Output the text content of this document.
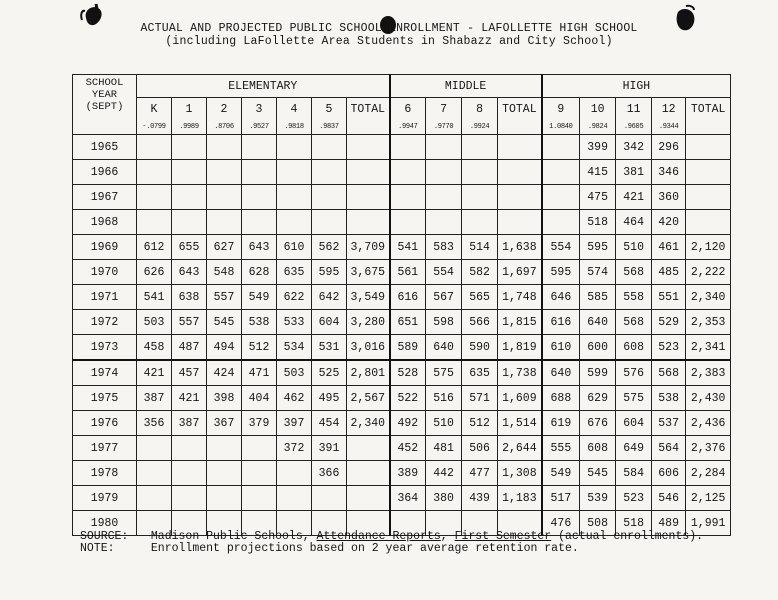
ACTUAL AND PROJECTED PUBLIC SCHOOL ENROLLMENT - LAFOLLETTE HIGH SCHOOL
(including LaFollette Area Students in Shabazz and City School)
SCHOOL
YEAR
(SEPT)	ELEMENTARY							MIDDLE				HIGH				
	K	1	2	3	4	5	TOTAL	6	7	8	TOTAL	9	10	11	12	TOTAL
	-.0799	.9989	.8706	.9527	.9818	.9837		.9947	.9770	.9924		1.0840	.9824	.9605	.9344	
1965													399	342	296	
1966													415	381	346	
1967													475	421	360	
1968													518	464	420	
1969	612	655	627	643	610	562	3,709	541	583	514	1,638	554	595	510	461	2,120
1970	626	643	548	628	635	595	3,675	561	554	582	1,697	595	574	568	485	2,222
1971	541	638	557	549	622	642	3,549	616	567	565	1,748	646	585	558	551	2,340
1972	503	557	545	538	533	604	3,280	651	598	566	1,815	616	640	568	529	2,353
1973	458	487	494	512	534	531	3,016	589	640	590	1,819	610	600	608	523	2,341
1974	421	457	424	471	503	525	2,801	528	575	635	1,738	640	599	576	568	2,383
1975	387	421	398	404	462	495	2,567	522	516	571	1,609	688	629	575	538	2,430
1976	356	387	367	379	397	454	2,340	492	510	512	1,514	619	676	604	537	2,436
1977					372	391		452	481	506	2,644	555	608	649	564	2,376
1978						366		389	442	477	1,308	549	545	584	606	2,284
1979								364	380	439	1,183	517	539	523	546	2,125
1980												476	508	518	489	1,991
SOURCE: Madison Public Schools, Attendance Reports, First Semester (actual enrollments).
NOTE:	Enrollment projections based on 2 year average retention rate.
